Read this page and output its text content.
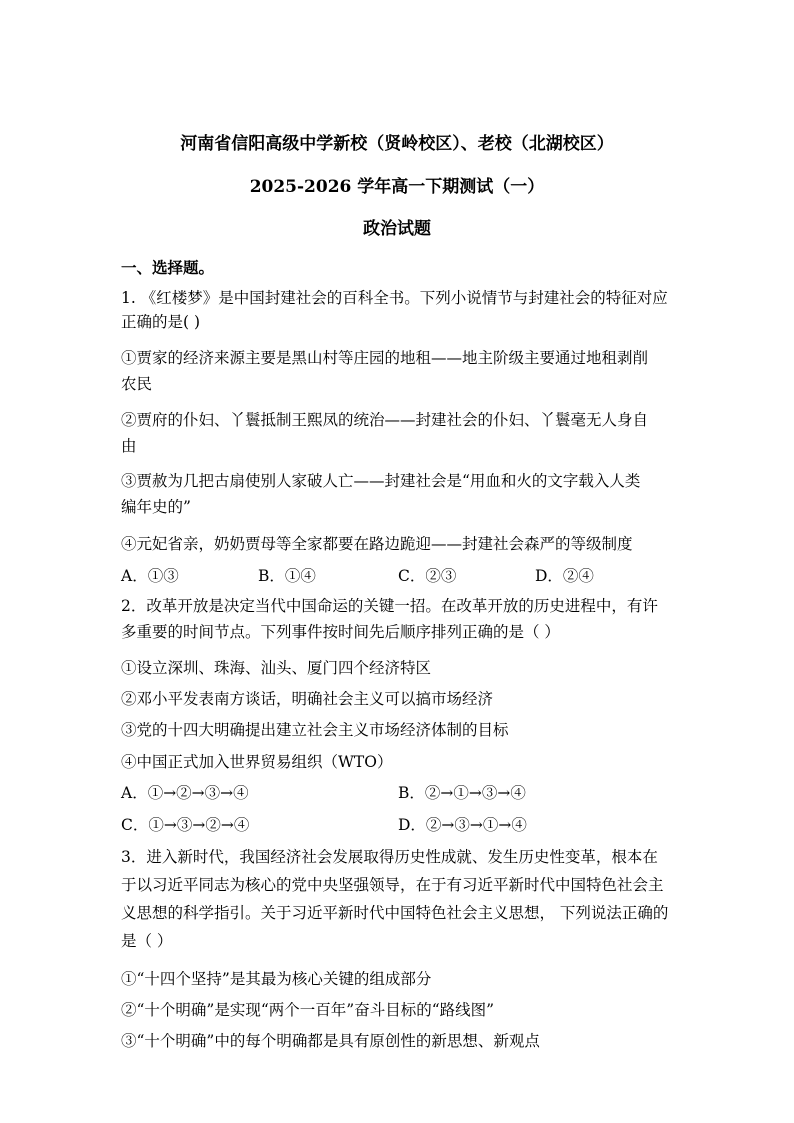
河南省信阳高级中学新校（贤岭校区）、老校（北湖校区）
2025-2026 学年高一下期测试（一）
政治试题
一、选择题。
1. 《红楼梦》是中国封建社会的百科全书。下列小说情节与封建社会的特征对应
正确的是( )
①贾家的经济来源主要是黑山村等庄园的地租——地主阶级主要通过地租剥削
农民
②贾府的仆妇、丫鬟抵制王熙凤的统治——封建社会的仆妇、丫鬟毫无人身自
由
③贾赦为几把古扇使别人家破人亡——封建社会是“用血和火的文字载入人类
编年史的”
④元妃省亲，奶奶贾母等全家都要在路边跪迎——封建社会森严的等级制度
A．①③	B．①④	C．②③	D．②④
2．改革开放是决定当代中国命运的关键一招。在改革开放的历史进程中，有许
多重要的时间节点。下列事件按时间先后顺序排列正确的是（ ）
①设立深圳、珠海、汕头、厦门四个经济特区
②邓小平发表南方谈话，明确社会主义可以搞市场经济
③党的十四大明确提出建立社会主义市场经济体制的目标
④中国正式加入世界贸易组织（WTO）
A．①→②→③→④	B．②→①→③→④
C．①→③→②→④	D．②→③→①→④
3．进入新时代，我国经济社会发展取得历史性成就、发生历史性变革，根本在
于以习近平同志为核心的党中央坚强领导，在于有习近平新时代中国特色社会主
义思想的科学指引。关于习近平新时代中国特色社会主义思想， 下列说法正确的
是（ ）
①“十四个坚持”是其最为核心关键的组成部分
②“十个明确”是实现“两个一百年”奋斗目标的“路线图”
③“十个明确”中的每个明确都是具有原创性的新思想、新观点
